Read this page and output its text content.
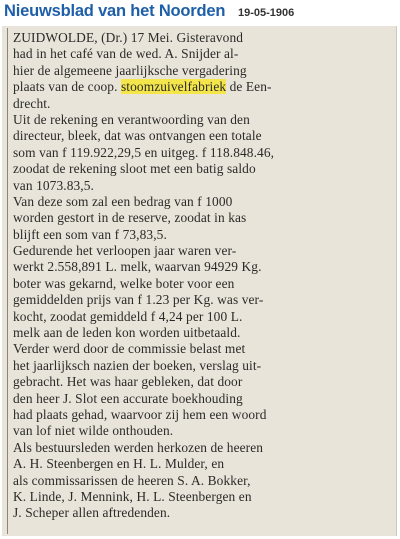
Nieuwsblad van het Noorden 19-05-1906
ZUIDWOLDE, (Dr.) 17 Mei. Gisteravond
had in het café van de wed. A. Snijder al-
hier de algemeene jaarlijksche vergadering
plaats van de coop. stoomzuivelfabriek de Een-
drecht.
Uit de rekening en verantwoording van den
directeur, bleek, dat was ontvangen een totale
som van f 119.922,29,5 en uitgeg. f 118.848.46,
zoodat de rekening sloot met een batig saldo
van 1073.83,5.
Van deze som zal een bedrag van f 1000
worden gestort in de reserve, zoodat in kas
blijft een som van f 73,83,5.
Gedurende het verloopen jaar waren ver-
werkt 2.558,891 L. melk, waarvan 94929 Kg.
boter was gekarnd, welke boter voor een
gemiddelden prijs van f 1.23 per Kg. was ver-
kocht, zoodat gemiddeld f 4,24 per 100 L.
melk aan de leden kon worden uitbetaald.
Verder werd door de commissie belast met
het jaarlijksch nazien der boeken, verslag uit-
gebracht. Het was haar gebleken, dat door
den heer J. Slot een accurate boekhouding
had plaats gehad, waarvoor zij hem een woord
van lof niet wilde onthouden.
Als bestuursleden werden herkozen de heeren
A. H. Steenbergen en H. L. Mulder, en
als commissarissen de heeren S. A. Bokker,
K. Linde, J. Mennink, H. L. Steenbergen en
J. Scheper allen aftredenden.
